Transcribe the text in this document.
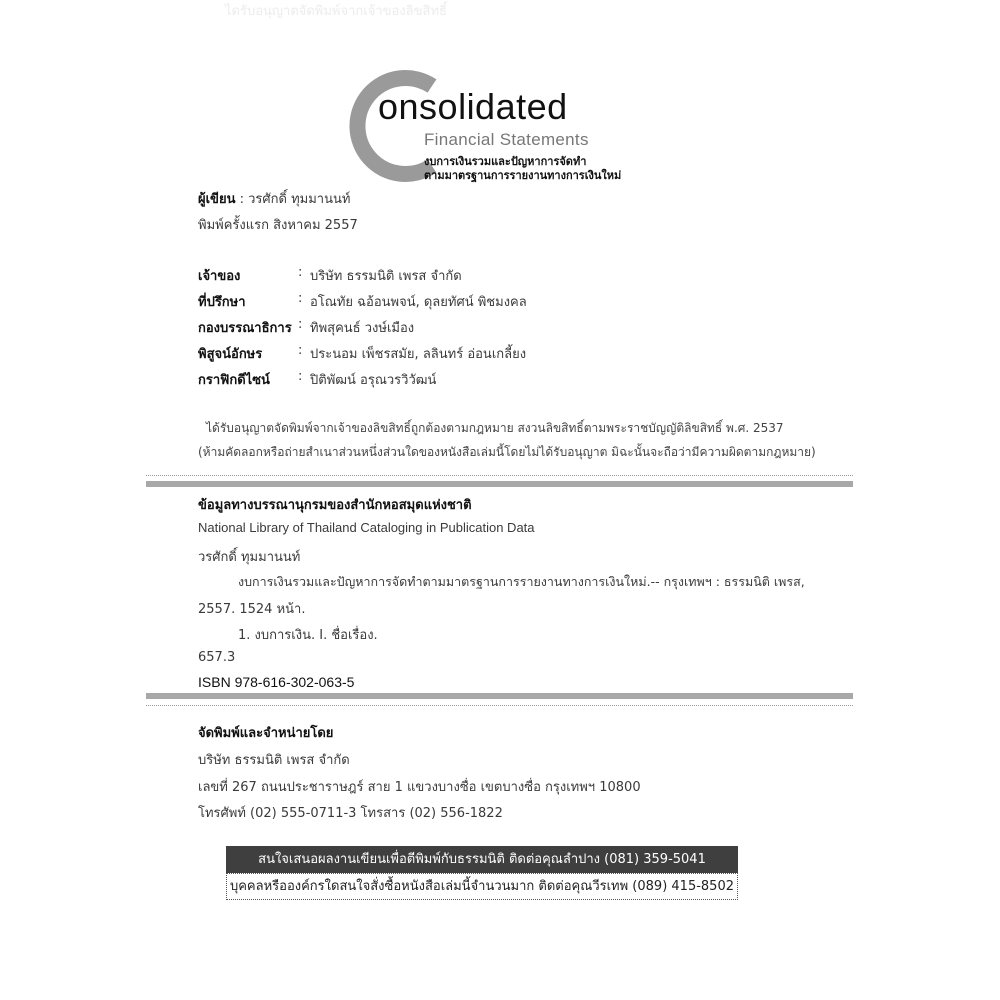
ไดรับอนุญาตจัดพิมพ์จากเจ้าของลิขสิทธิ์
onsolidated
Financial Statements
งบการเงินรวมและปัญหาการจัดทำ
ตามมาตรฐานการรายงานทางการเงินใหม่
ผู้เขียน : วรศักดิ์ ทุมมานนท์
พิมพ์ครั้งแรก สิงหาคม 2557
เจ้าของ	: บริษัท ธรรมนิติ เพรส จำกัด
ที่ปรึกษา	: อโณทัย ฉอ้อนพจน์, ดุลยทัศน์ พิชมงคล
กองบรรณาธิการ : ทิพสุคนธ์ วงษ์เมือง
พิสูจน์อักษร	: ประนอม เพ็ชรสมัย, ลลินทร์ อ่อนเกลี้ยง
กราฟิกดีไซน์ : ปิติพัฒน์ อรุณวรวิวัฒน์
ได้รับอนุญาตจัดพิมพ์จากเจ้าของลิขสิทธิ์ถูกต้องตามกฎหมาย สงวนลิขสิทธิ์ตามพระราชบัญญัติลิขสิทธิ์ พ.ศ. 2537
(ห้ามคัดลอกหรือถ่ายสำเนาส่วนหนึ่งส่วนใดของหนังสือเล่มนี้โดยไม่ได้รับอนุญาต มิฉะนั้นจะถือว่ามีความผิดตามกฎหมาย)
ข้อมูลทางบรรณานุกรมของสำนักหอสมุดแห่งชาติ
National Library of Thailand Cataloging in Publication Data
วรศักดิ์ ทุมมานนท์
งบการเงินรวมและปัญหาการจัดทำตามมาตรฐานการรายงานทางการเงินใหม่.-- กรุงเทพฯ : ธรรมนิติ เพรส,
2557. 1524 หน้า.
1. งบการเงิน. I. ชื่อเรื่อง.
657.3
ISBN 978-616-302-063-5
จัดพิมพ์และจำหน่ายโดย
บริษัท ธรรมนิติ เพรส จำกัด
เลขที่ 267 ถนนประชาราษฎร์ สาย 1 แขวงบางซื่อ เขตบางซื่อ กรุงเทพฯ 10800
โทรศัพท์ (02) 555-0711-3 โทรสาร (02) 556-1822
สนใจเสนอผลงานเขียนเพื่อตีพิมพ์กับธรรมนิติ ติดต่อคุณลำปาง (081) 359-5041
บุคคลหรือองค์กรใดสนใจสั่งซื้อหนังสือเล่มนี้จำนวนมาก ติดต่อคุณวีรเทพ (089) 415-8502
